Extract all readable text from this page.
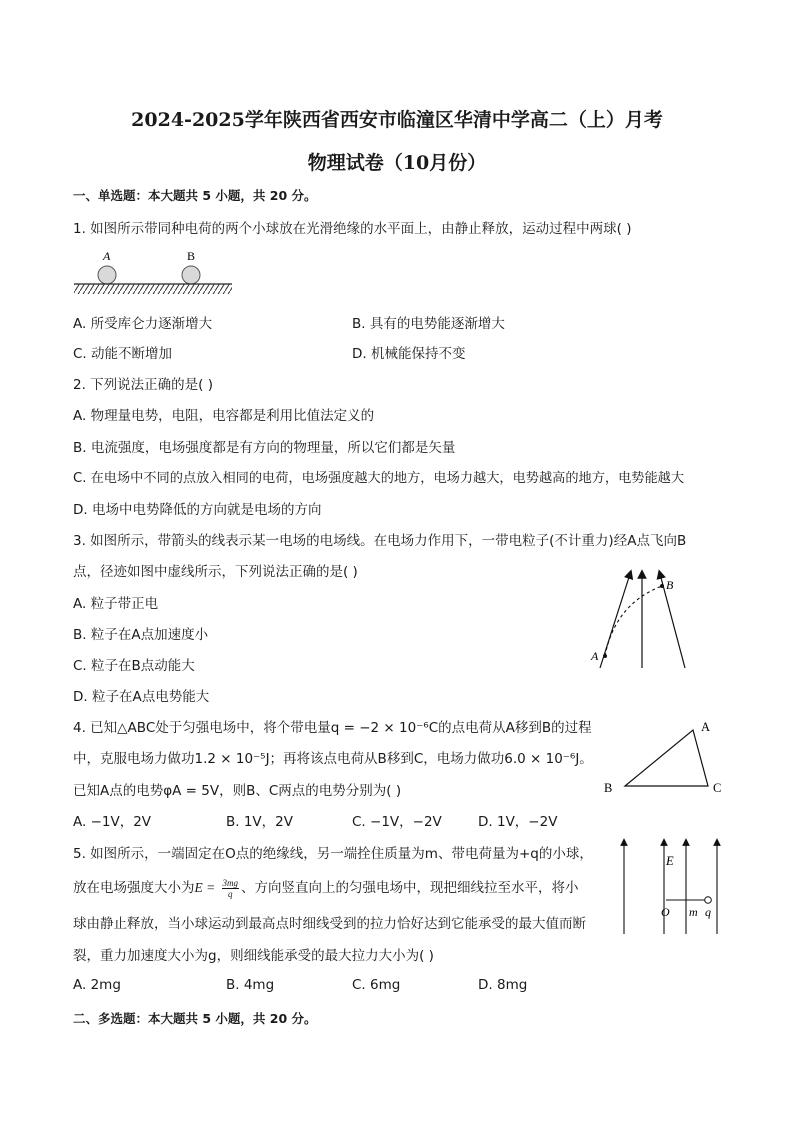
2024-2025学年陕西省西安市临潼区华清中学高二（上）月考
物理试卷（10月份）
一、单选题：本大题共 5 小题，共 20 分。
1. 如图所示带同种电荷的两个小球放在光滑绝缘的水平面上，由静止释放，运动过程中两球( )
A	B
A. 所受库仑力逐渐增大	B. 具有的电势能逐渐增大
C. 动能不断增加	D. 机械能保持不变
2. 下列说法正确的是( )
A. 物理量电势，电阻，电容都是利用比值法定义的
B. 电流强度，电场强度都是有方向的物理量，所以它们都是矢量
C. 在电场中不同的点放入相同的电荷，电场强度越大的地方，电场力越大，电势越高的地方，电势能越大
D. 电场中电势降低的方向就是电场的方向
3. 如图所示，带箭头的线表示某一电场的电场线。在电场力作用下，一带电粒子(不计重力)经A点飞向B
点，径迹如图中虚线所示，下列说法正确的是( )
A
B
A. 粒子带正电
B. 粒子在A点加速度小
C. 粒子在B点动能大
D. 粒子在A点电势能大
4. 已知△ABC处于匀强电场中，将个带电量q = −2 × 10⁻⁶C的点电荷从A移到B的过程
中，克服电场力做功1.2 × 10⁻⁵J；再将该点电荷从B移到C，电场力做功6.0 × 10⁻⁶J。
已知A点的电势φA = 5V，则B、C两点的电势分别为( )
A
B	C
A. −1V，2V	B. 1V，2V	C. −1V，−2V	D. 1V，−2V
5. 如图所示，一端固定在O点的绝缘线，另一端拴住质量为m、带电荷量为+q的小球，
放在电场强度大小为$E = \frac{3mg}{q}$ 、方向竖直向上的匀强电场中，现把细线拉至水平，将小
球由静止释放，当小球运动到最高点时细线受到的拉力恰好达到它能承受的最大值而断
裂，重力加速度大小为g，则细线能承受的最大拉力大小为( )
E
O m q
A. 2mg	B. 4mg	C. 6mg	D. 8mg
二、多选题：本大题共 5 小题，共 20 分。
